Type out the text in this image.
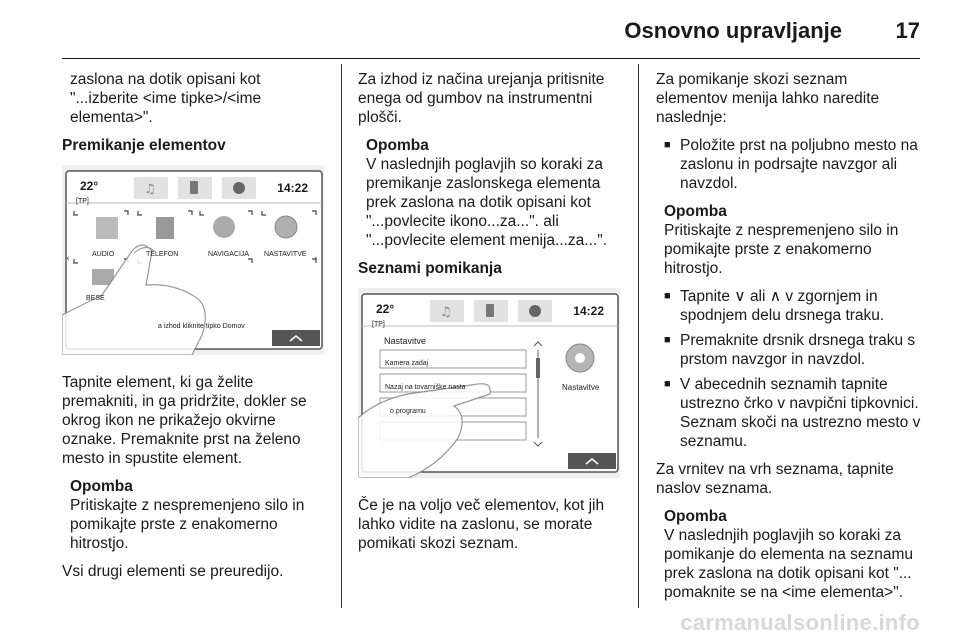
Osnovno upravljanje 17

zaslona na dotik opisani kot "...izberite <ime tipke>/<ime elementa>".

Premikanje elementov
♫
‹	›
22°
[TP]
14:22
AUDIO	TELEFON	NAVIGACIJA NASTAVITVE
BESE
a izhod kliknite tipko Domov

Tapnite element, ki ga želite premakniti, in ga pridržite, dokler se okrog ikon ne prikažejo okvirne oznake. Premaknite prst na želeno mesto in spustite element.

Opomba
Pritiskajte z nespremenjeno silo in pomikajte prste z enakomerno hitrostjo.

Vsi drugi elementi se preuredijo.

Za izhod iz načina urejanja pritisnite enega od gumbov na instrumentni plošči.

Opomba
V naslednjih poglavjih so koraki za premikanje zaslonskega elementa prek zaslona na dotik opisani kot "...povlecite ikono...za...". ali "...povlecite element menija...za...".
Seznami pomikanja
♫
22°
[TP]
14:22
Nastavitve
Kamera zadaj
Nazaj na tovarniške nasta
o programu
Nastavitve

Če je na voljo več elementov, kot jih lahko vidite na zaslonu, se morate pomikati skozi seznam.

Za pomikanje skozi seznam elementov menija lahko naredite naslednje:

■ Položite prst na poljubno mesto na zaslonu in podrsajte navzgor ali navzdol.
Opomba
Pritiskajte z nespremenjeno silo in pomikajte prste z enakomerno hitrostjo.
■ Tapnite ∨ ali ∧ v zgornjem in spodnjem delu drsnega traku.
■ Premaknite drsnik drsnega traku s prstom navzgor in navzdol.
■ V abecednih seznamih tapnite ustrezno črko v navpični tipkovnici. Seznam skoči na ustrezno mesto v seznamu.

Za vrnitev na vrh seznama, tapnite naslov seznama.

Opomba
V naslednjih poglavjih so koraki za pomikanje do elementa na seznamu prek zaslona na dotik opisani kot "... pomaknite se na <ime elementa>".
carmanualsonline.info
